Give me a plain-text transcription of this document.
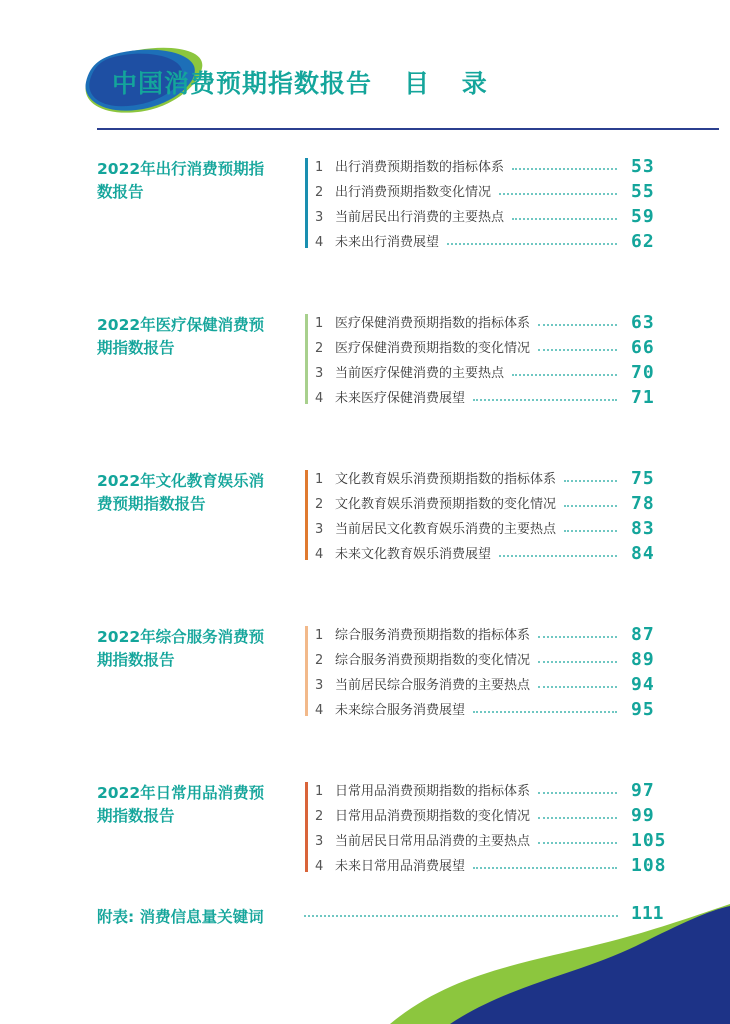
中国消费预期指数报告 目 录
2022年出行消费预期指数报告
1 出行消费预期指数的指标体系	53
2 出行消费预期指数变化情况	55
3 当前居民出行消费的主要热点	59
4 未来出行消费展望	62
2022年医疗保健消费预期指数报告
1 医疗保健消费预期指数的指标体系	63
2 医疗保健消费预期指数的变化情况	66
3 当前医疗保健消费的主要热点	70
4 未来医疗保健消费展望	71
2022年文化教育娱乐消费预期指数报告
1 文化教育娱乐消费预期指数的指标体系	75
2 文化教育娱乐消费预期指数的变化情况	78
3 当前居民文化教育娱乐消费的主要热点	83
4 未来文化教育娱乐消费展望	84
2022年综合服务消费预期指数报告
1 综合服务消费预期指数的指标体系	87
2 综合服务消费预期指数的变化情况	89
3 当前居民综合服务消费的主要热点	94
4 未来综合服务消费展望	95
2022年日常用品消费预期指数报告
1 日常用品消费预期指数的指标体系	97
2 日常用品消费预期指数的变化情况	99
3 当前居民日常用品消费的主要热点	105
4 未来日常用品消费展望	108
附表: 消费信息量关键词	111
